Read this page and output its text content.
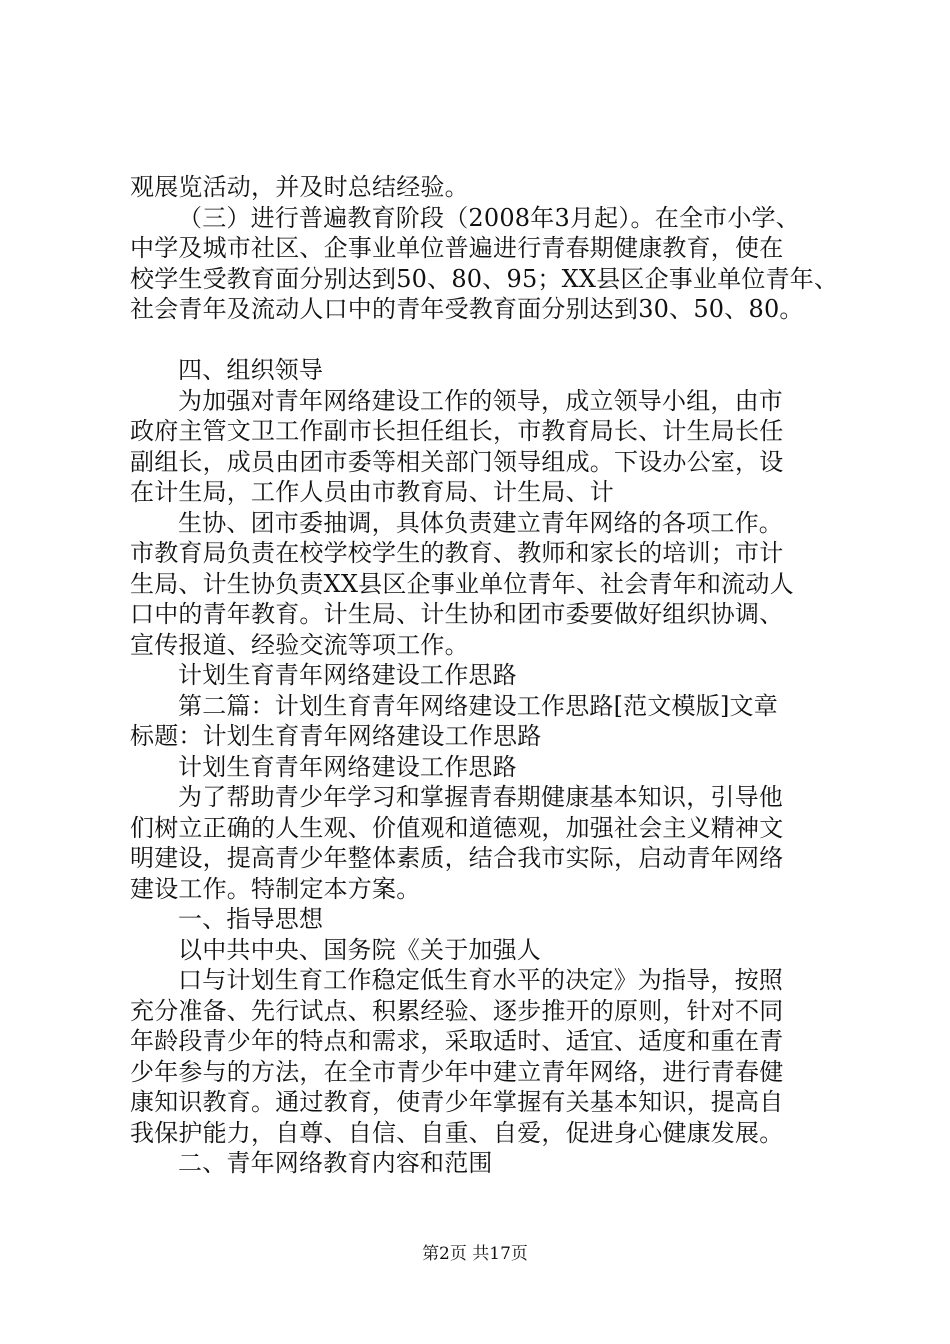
观展览活动，并及时总结经验。
（三）进行普遍教育阶段（2008年3月起）。在全市小学、
中学及城市社区、企事业单位普遍进行青春期健康教育，使在
校学生受教育面分别达到50、80、95；XX县区企事业单位青年、
社会青年及流动人口中的青年受教育面分别达到30、50、80。
四、组织领导
为加强对青年网络建设工作的领导，成立领导小组，由市
政府主管文卫工作副市长担任组长，市教育局长、计生局长任
副组长，成员由团市委等相关部门领导组成。下设办公室，设
在计生局，工作人员由市教育局、计生局、计
生协、团市委抽调，具体负责建立青年网络的各项工作。
市教育局负责在校学校学生的教育、教师和家长的培训；市计
生局、计生协负责XX县区企事业单位青年、社会青年和流动人
口中的青年教育。计生局、计生协和团市委要做好组织协调、
宣传报道、经验交流等项工作。
计划生育青年网络建设工作思路
第二篇：计划生育青年网络建设工作思路[范文模版]文章
标题：计划生育青年网络建设工作思路
计划生育青年网络建设工作思路
为了帮助青少年学习和掌握青春期健康基本知识，引导他
们树立正确的人生观、价值观和道德观，加强社会主义精神文
明建设，提高青少年整体素质，结合我市实际，启动青年网络
建设工作。特制定本方案。
一、指导思想
以中共中央、国务院《关于加强人
口与计划生育工作稳定低生育水平的决定》为指导，按照
充分准备、先行试点、积累经验、逐步推开的原则，针对不同
年龄段青少年的特点和需求，采取适时、适宜、适度和重在青
少年参与的方法，在全市青少年中建立青年网络，进行青春健
康知识教育。通过教育，使青少年掌握有关基本知识，提高自
我保护能力，自尊、自信、自重、自爱，促进身心健康发展。
二、青年网络教育内容和范围
第2页 共17页
